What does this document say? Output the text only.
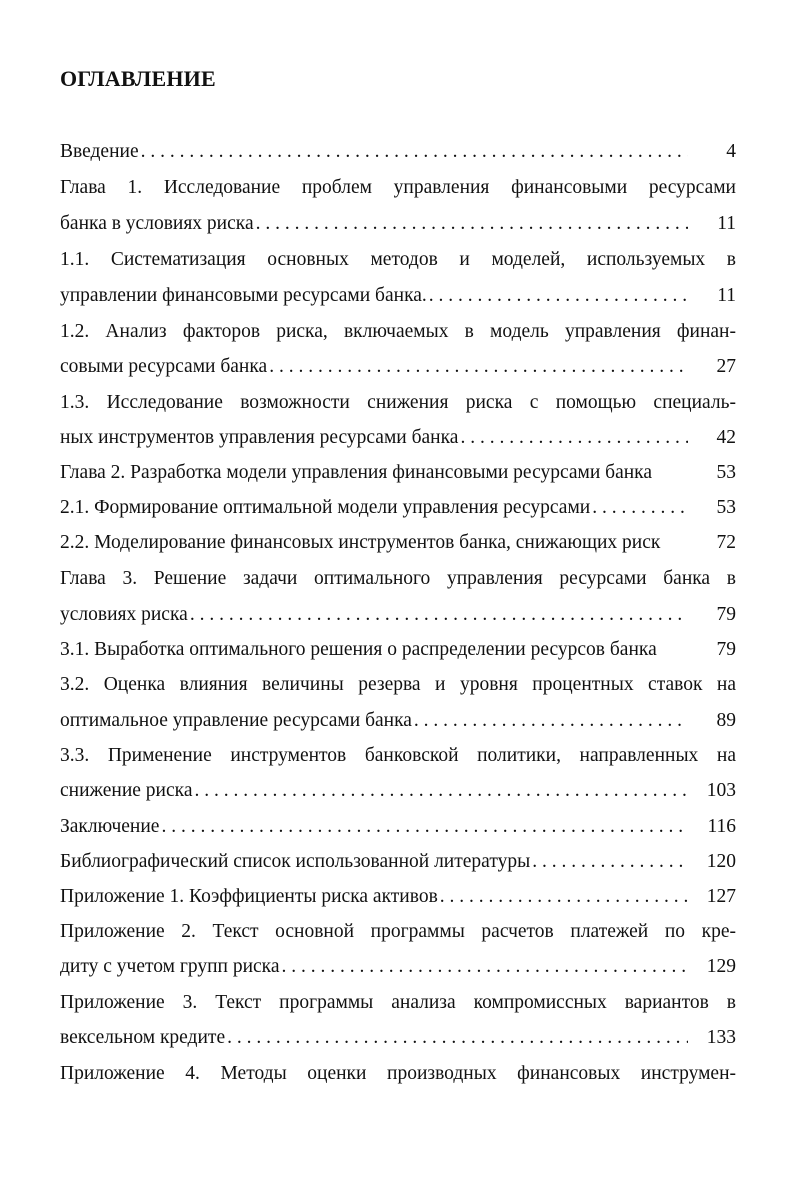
ОГЛАВЛЕНИЕ
Введение . . .	4
Глава 1. Исследование проблем управления финансовыми ресурсами
банка в условиях риска . . .	11
1.1. Систематизация основных методов и моделей, используемых в
управлении финансовыми ресурсами банка. . . .	11
1.2. Анализ факторов риска, включаемых в модель управления финан-
совыми ресурсами банка . . .	27
1.3. Исследование возможности снижения риска с помощью специаль-
ных инструментов управления ресурсами банка . . .	42
Глава 2. Разработка модели управления финансовыми ресурсами банка	53
2.1. Формирование оптимальной модели управления ресурсами . . .	53
2.2. Моделирование финансовых инструментов банка, снижающих риск	72
Глава 3. Решение задачи оптимального управления ресурсами банка в
условиях риска . . .	79
3.1. Выработка оптимального решения о распределении ресурсов банка	79
3.2. Оценка влияния величины резерва и уровня процентных ставок на
оптимальное управление ресурсами банка . . .	89
3.3. Применение инструментов банковской политики, направленных на
снижение риска . . .	103
Заключение . . .	116
Библиографический список использованной литературы . . .	120
Приложение 1. Коэффициенты риска активов . . .	127
Приложение 2. Текст основной программы расчетов платежей по кре-
диту с учетом групп риска . . .	129
Приложение 3. Текст программы анализа компромиссных вариантов в
вексельном кредите . . .	133
Приложение 4. Методы оценки производных финансовых инструмен-
